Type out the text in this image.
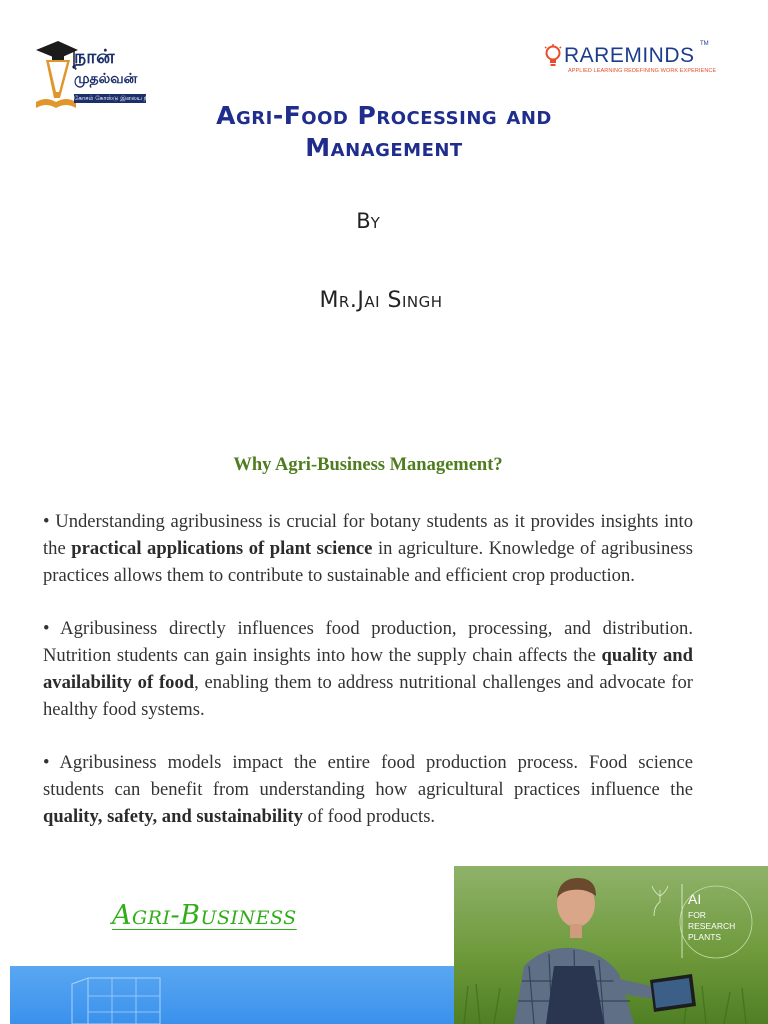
நான்
முதல்வன்
கோசம் கோஸ்டு இலைய நிதுமம்
RAREMINDS TM
APPLIED LEARNING REDEFINING WORK EXPERIENCE
Agri-Food Processing and
Management
By
Mr.Jai Singh
Why Agri-Business Management?
• Understanding agribusiness is crucial for botany students as it provides insights into the practical applications of plant science in agriculture. Knowledge of agribusiness practices allows them to contribute to sustainable and efficient crop production.
• Agribusiness directly influences food production, processing, and distribution. Nutrition students can gain insights into how the supply chain affects the quality and availability of food, enabling them to address nutritional challenges and advocate for healthy food systems.
• Agribusiness models impact the entire food production process. Food science students can benefit from understanding how agricultural practices influence the quality, safety, and sustainability of food products.
Agri-Business
AI
FOR
RESEARCH
PLANTS
